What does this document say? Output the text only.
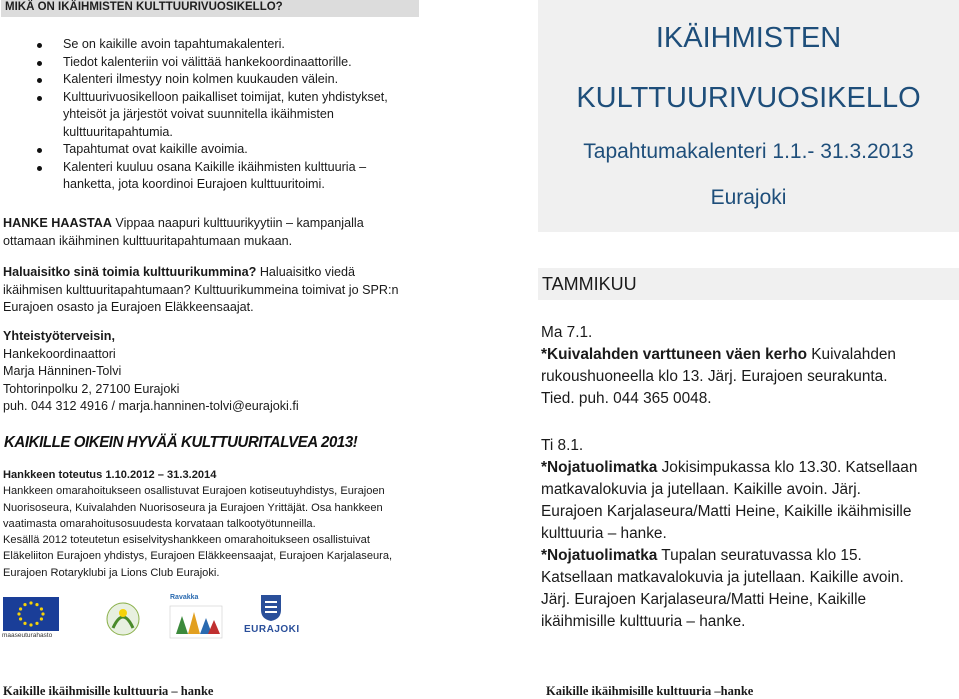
MIKÄ ON IKÄIHMISTEN KULTTUURIVUOSIKELLO?
Se on kaikille avoin tapahtumakalenteri.
Tiedot kalenteriin voi välittää hankekoordinaattorille.
Kalenteri ilmestyy noin kolmen kuukauden välein.
Kulttuurivuosikelloon paikalliset toimijat, kuten yhdistykset, yhteisöt ja järjestöt voivat suunnitella ikäihmisten kulttuuritapahtumia.
Tapahtumat ovat kaikille avoimia.
Kalenteri kuuluu osana Kaikille ikäihmisten kulttuuria –hanketta, jota koordinoi Eurajoen kulttuuritoimi.
HANKE HAASTAA Vippaa naapuri kulttuurikyytiin – kampanjalla ottamaan ikäihminen kulttuuritapahtumaan mukaan.
Haluaisitko sinä toimia kulttuurikummina? Haluaisitko viedä ikäihmisen kulttuuritapahtumaan? Kulttuurikummeina toimivat jo SPR:n Eurajoen osasto ja Eurajoen Eläkkeensaajat.
Yhteistyöterveisin,
Hankekoordinaattori
Marja Hänninen-Tolvi
Tohtorinpolku 2, 27100 Eurajoki
puh. 044 312 4916 / marja.hanninen-tolvi@eurajoki.fi
KAIKILLE OIKEIN HYVÄÄ KULTTUURITALVEA 2013!
Hankkeen toteutus 1.10.2012 – 31.3.2014
Hankkeen omarahoitukseen osallistuvat Eurajoen kotiseutuyhdistys, Eurajoen Nuorisoseura, Kuivalahden Nuorisoseura ja Eurajoen Yrittäjät. Osa hankkeen vaatimasta omarahoitusosuudesta korvataan talkootyötunneilla.
Kesällä 2012 toteutetun esiselvityshankkeen omarahoitukseen osallistuivat Eläkeliiton Eurajoen yhdistys, Eurajoen Eläkkeensaajat, Eurajoen Karjalaseura, Eurajoen Rotaryklubi ja Lions Club Eurajoki.
maaseuturahasto
Ravakka
EURAJOKI
Kaikille ikäihmisille kulttuuria – hanke
IKÄIHMISTEN
KULTTUURIVUOSIKELLO
Tapahtumakalenteri 1.1.- 31.3.2013
Eurajoki
TAMMIKUU
Ma 7.1.
*Kuivalahden varttuneen väen kerho Kuivalahden
rukoushuoneella klo 13. Järj. Eurajoen seurakunta.
Tied. puh. 044 365 0048.
Ti 8.1.
*Nojatuolimatka Jokisimpukassa klo 13.30. Katsellaan
matkavalokuvia ja jutellaan. Kaikille avoin. Järj.
Eurajoen Karjalaseura/Matti Heine, Kaikille ikäihmisille
kulttuuria – hanke.
*Nojatuolimatka Tupalan seuratuvassa klo 15.
Katsellaan matkavalokuvia ja jutellaan. Kaikille avoin.
Järj. Eurajoen Karjalaseura/Matti Heine, Kaikille
ikäihmisille kulttuuria – hanke.
Kaikille ikäihmisille kulttuuria –hanke
